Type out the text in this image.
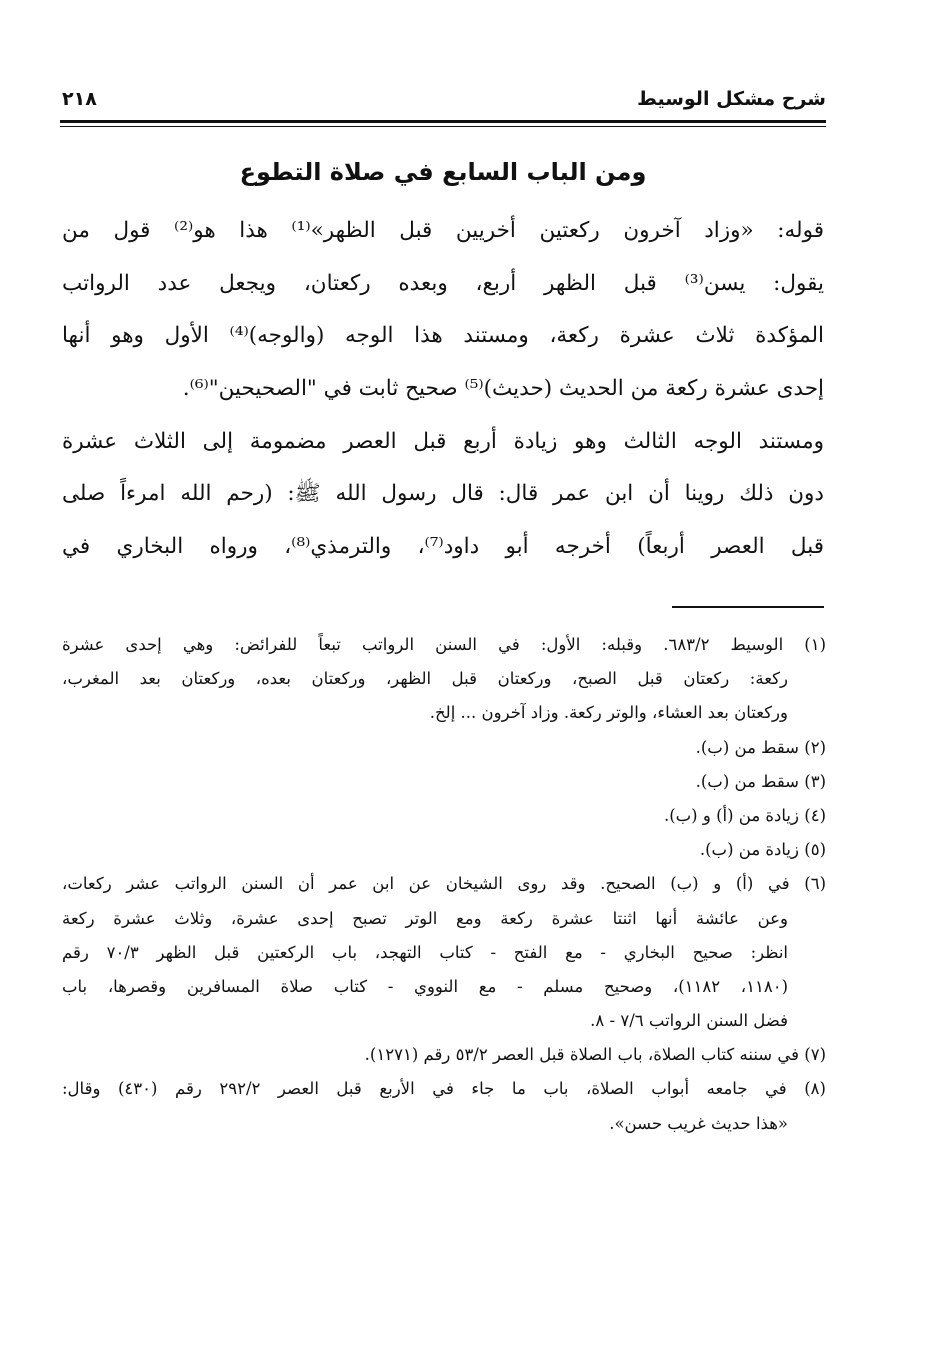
شرح مشكل الوسيط
٢١٨
ومن الباب السابع في صلاة التطوع
قوله: «وزاد آخرون ركعتين أخريين قبل الظهر»⁽¹⁾ هذا هو⁽²⁾ قول من
يقول: يسن⁽³⁾ قبل الظهر أربع، وبعده ركعتان، ويجعل عدد الرواتب
المؤكدة ثلاث عشرة ركعة، ومستند هذا الوجه (والوجه)⁽⁴⁾ الأول وهو أنها
إحدى عشرة ركعة من الحديث (حديث)⁽⁵⁾ صحيح ثابت في "الصحيحين"⁽⁶⁾.
ومستند الوجه الثالث وهو زيادة أربع قبل العصر مضمومة إلى الثلاث عشرة
دون ذلك روينا أن ابن عمر قال: قال رسول الله ﷺ: (رحم الله امرءاً صلى
قبل العصر أربعاً) أخرجه أبو داود⁽⁷⁾، والترمذي⁽⁸⁾، ورواه البخاري في
(١) الوسيط ٦٨٣/٢. وقبله: الأول: في السنن الرواتب تبعاً للفرائض: وهي إحدى عشرة
ركعة: ركعتان قبل الصبح، وركعتان قبل الظهر، وركعتان بعده، وركعتان بعد المغرب،
وركعتان بعد العشاء، والوتر ركعة. وزاد آخرون ... إلخ.
(٢) سقط من (ب).
(٣) سقط من (ب).
(٤) زيادة من (أ) و (ب).
(٥) زيادة من (ب).
(٦) في (أ) و (ب) الصحيح. وقد روى الشيخان عن ابن عمر أن السنن الرواتب عشر ركعات،
وعن عائشة أنها اثنتا عشرة ركعة ومع الوتر تصبح إحدى عشرة، وثلاث عشرة ركعة
انظر: صحيح البخاري - مع الفتح - كتاب التهجد، باب الركعتين قبل الظهر ٧٠/٣ رقم
(١١٨٠، ١١٨٢)، وصحيح مسلم - مع النووي - كتاب صلاة المسافرين وقصرها، باب
فضل السنن الرواتب ٧/٦ - ٨.
(٧) في سننه كتاب الصلاة، باب الصلاة قبل العصر ٥٣/٢ رقم (١٢٧١).
(٨) في جامعه أبواب الصلاة، باب ما جاء في الأربع قبل العصر ٢٩٢/٢ رقم (٤٣٠) وقال:
«هذا حديث غريب حسن».
